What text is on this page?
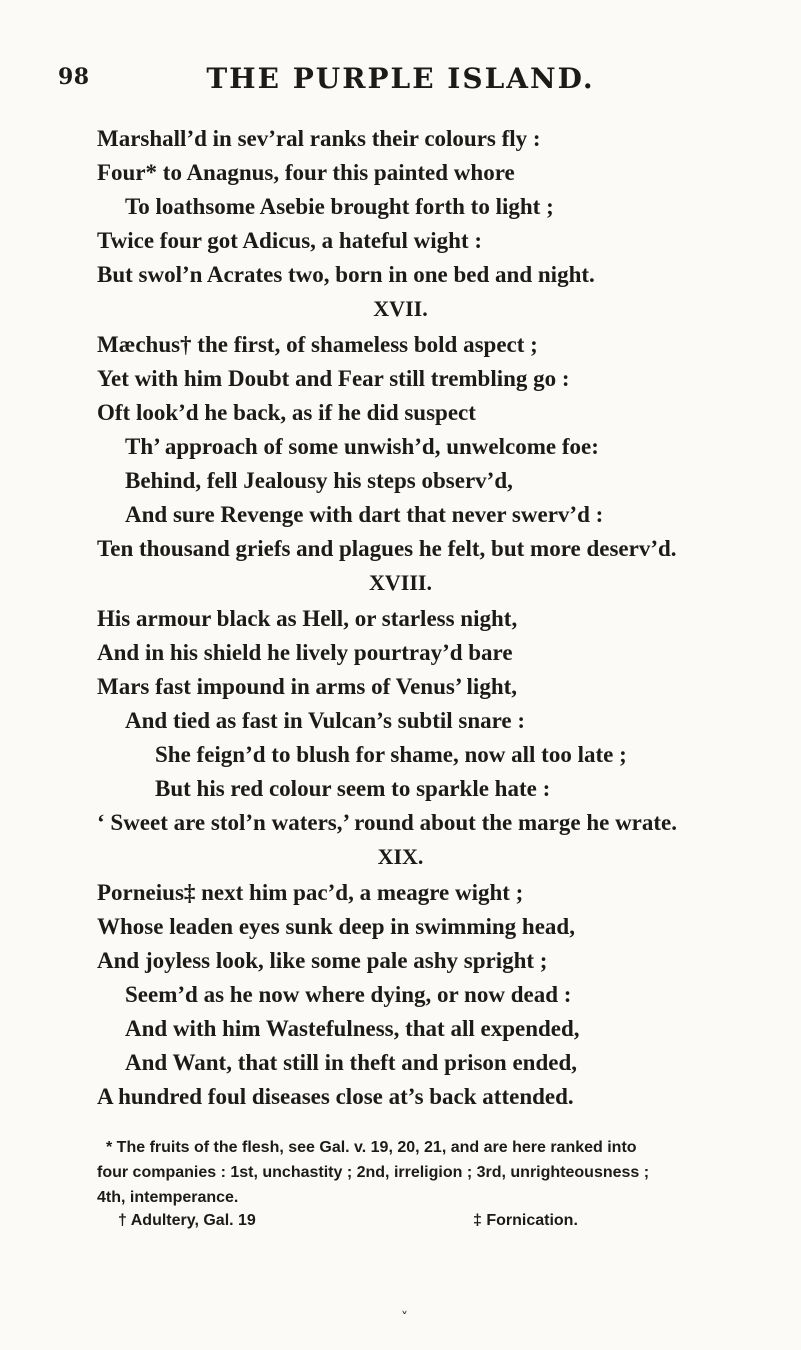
98	THE PURPLE ISLAND.
Marshall’d in sev’ral ranks their colours fly :
Four* to Anagnus, four this painted whore
To loathsome Asebie brought forth to light ;
Twice four got Adicus, a hateful wight :
But swol’n Acrates two, born in one bed and night.
XVII.
Mæchus† the first, of shameless bold aspect ;
Yet with him Doubt and Fear still trembling go :
Oft look’d he back, as if he did suspect
Th’ approach of some unwish’d, unwelcome foe:
Behind, fell Jealousy his steps observ’d,
And sure Revenge with dart that never swerv’d :
Ten thousand griefs and plagues he felt, but more deserv’d.
XVIII.
His armour black as Hell, or starless night,
And in his shield he lively pourtray’d bare
Mars fast impound in arms of Venus’ light,
And tied as fast in Vulcan’s subtil snare :
She feign’d to blush for shame, now all too late ;
But his red colour seem to sparkle hate :
‘ Sweet are stol’n waters,’ round about the marge he wrate.
XIX.
Porneius‡ next him pac’d, a meagre wight ;
Whose leaden eyes sunk deep in swimming head,
And joyless look, like some pale ashy spright ;
Seem’d as he now where dying, or now dead :
And with him Wastefulness, that all expended,
And Want, that still in theft and prison ended,
A hundred foul diseases close at’s back attended.
* The fruits of the flesh, see Gal. v. 19, 20, 21, and are here ranked into
four companies : 1st, unchastity ; 2nd, irreligion ; 3rd, unrighteousness ;
4th, intemperance.
† Adultery, Gal. 19	‡ Fornication.
˅
